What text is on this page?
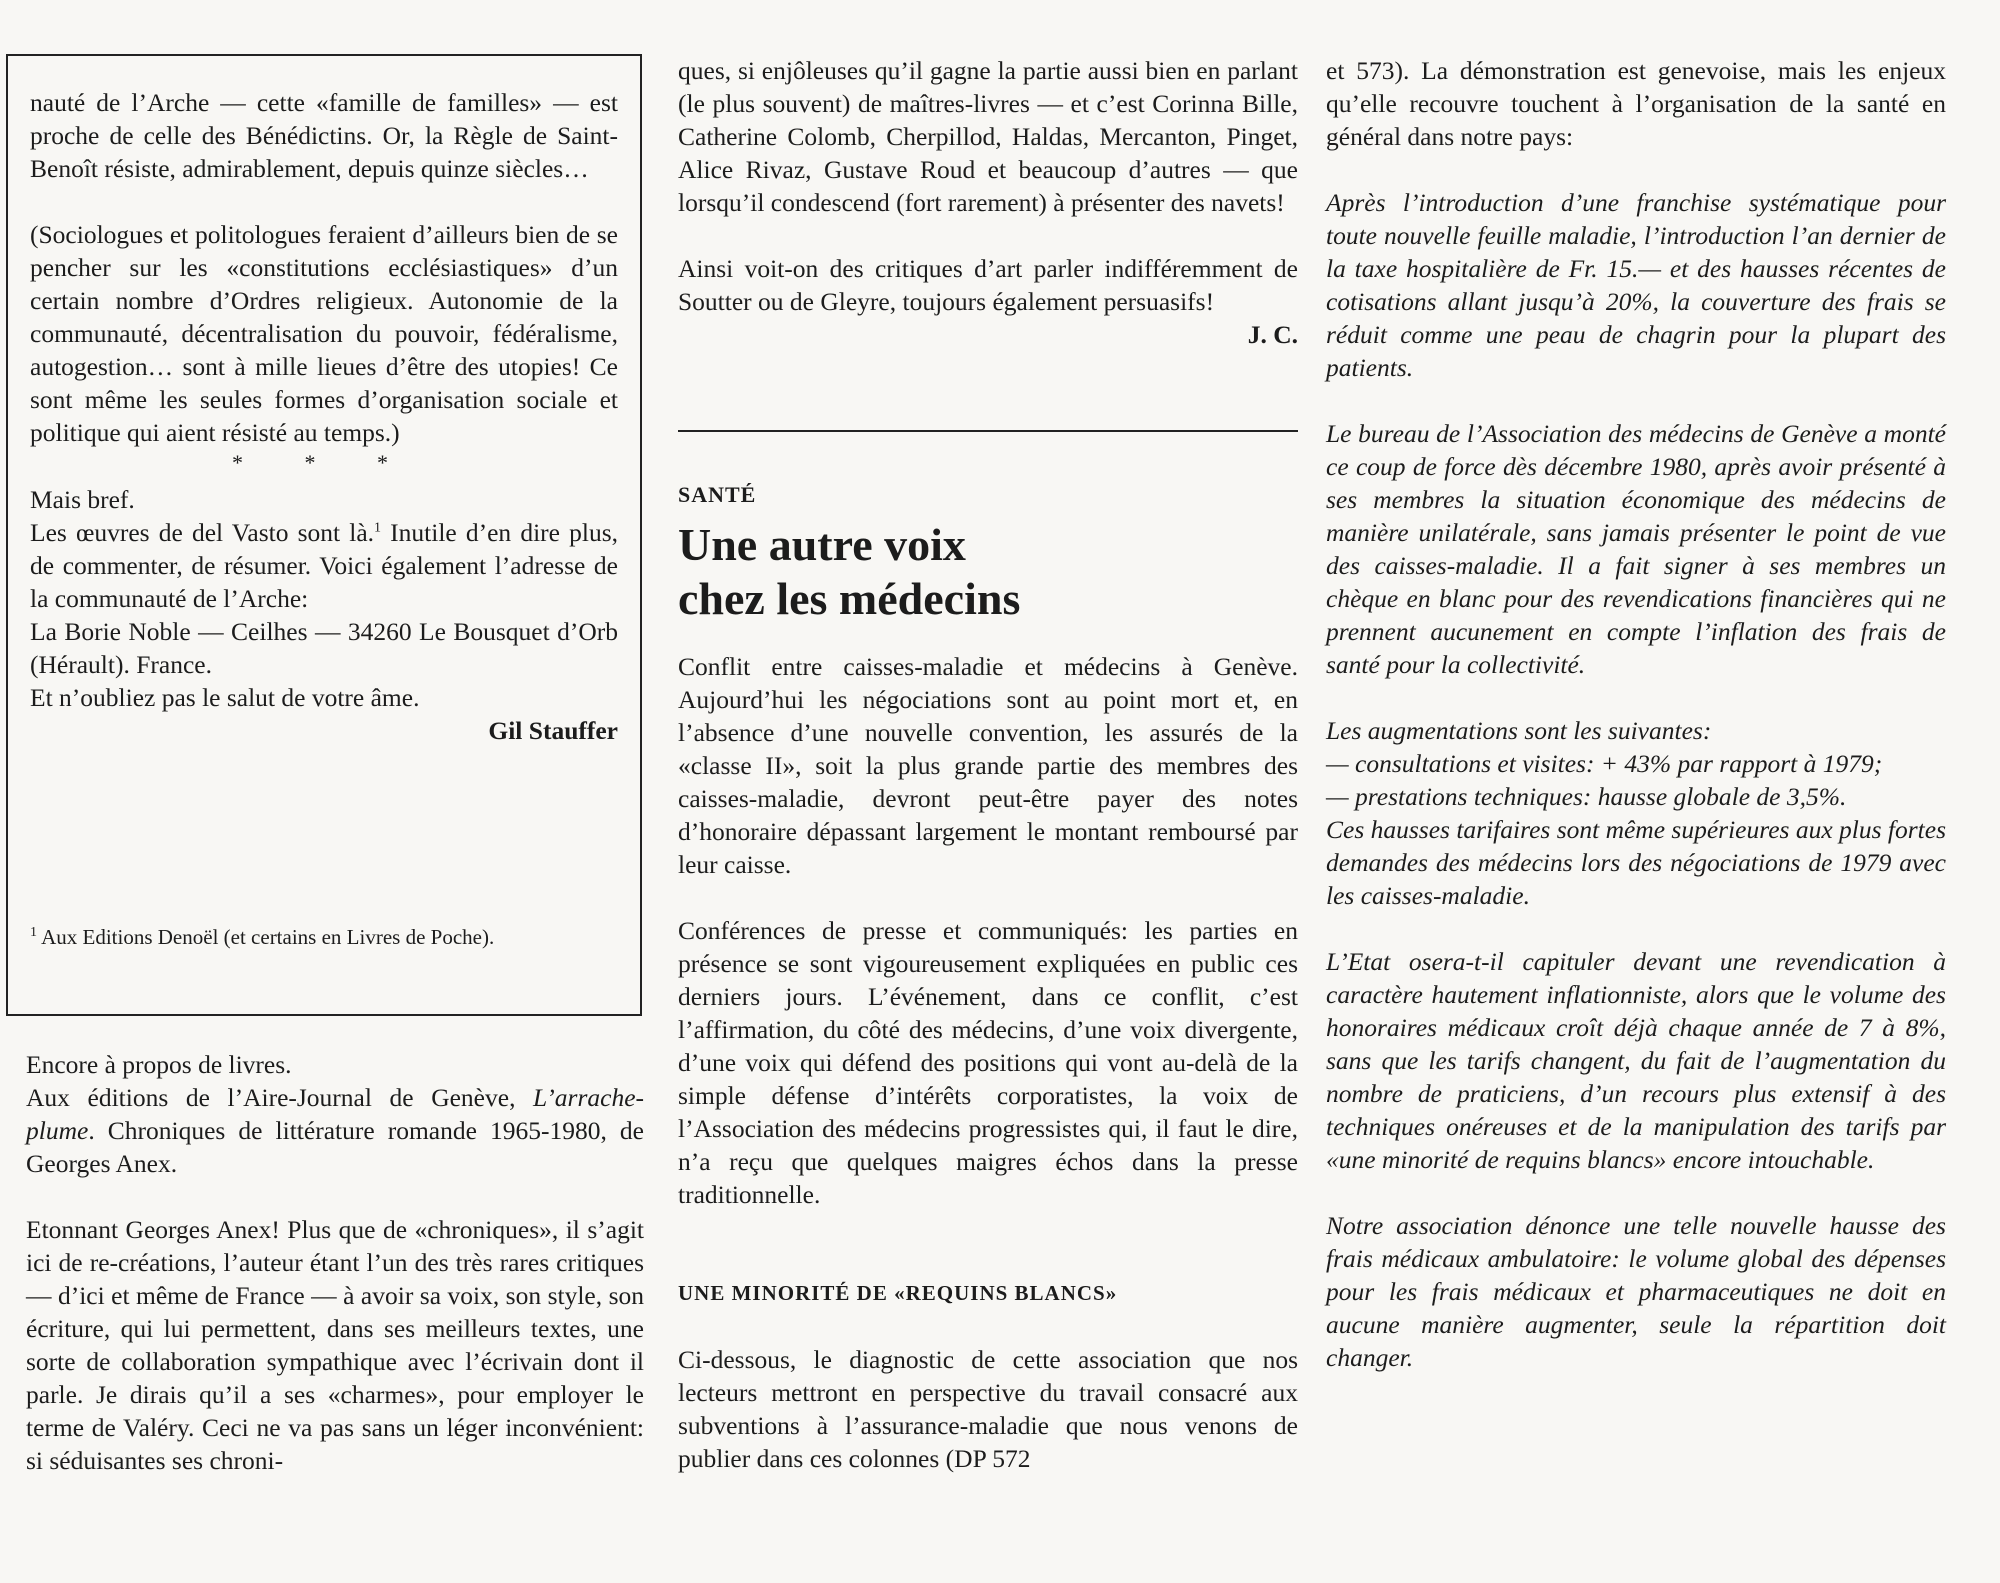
nauté de l’Arche — cette «famille de familles» — est proche de celle des Bénédictins. Or, la Règle de Saint-Benoît résiste, admirablement, depuis quinze siècles…

(Sociologues et politologues feraient d’ailleurs bien de se pencher sur les «constitutions ecclésiastiques» d’un certain nombre d’Ordres religieux. Autonomie de la communauté, décentralisation du pouvoir, fédéralisme, autogestion… sont à mille lieues d’être des utopies! Ce sont même les seules formes d’organisation sociale et politique qui aient résisté au temps.)

* * *

Mais bref.

Les œuvres de del Vasto sont là.$^1$ Inutile d’en dire plus, de commenter, de résumer. Voici également l’adresse de la communauté de l’Arche:

La Borie Noble — Ceilhes — 34260 Le Bousquet d’Orb (Hérault). France.

Et n’oubliez pas le salut de votre âme.

Gil Stauffer

$^1$ Aux Editions Denoël (et certains en Livres de Poche).

Encore à propos de livres.

Aux éditions de l’Aire-Journal de Genève, L’arrache-plume. Chroniques de littérature romande 1965-1980, de Georges Anex.

Etonnant Georges Anex! Plus que de «chroniques», il s’agit ici de re-créations, l’auteur étant l’un des très rares critiques — d’ici et même de France — à avoir sa voix, son style, son écriture, qui lui permettent, dans ses meilleurs textes, une sorte de collaboration sympathique avec l’écrivain dont il parle. Je dirais qu’il a ses «charmes», pour employer le terme de Valéry. Ceci ne va pas sans un léger inconvénient: si séduisantes ses chroni-

ques, si enjôleuses qu’il gagne la partie aussi bien en parlant (le plus souvent) de maîtres-livres — et c’est Corinna Bille, Catherine Colomb, Cherpillod, Haldas, Mercanton, Pinget, Alice Rivaz, Gustave Roud et beaucoup d’autres — que lorsqu’il condescend (fort rarement) à présenter des navets!

Ainsi voit-on des critiques d’art parler indifféremment de Soutter ou de Gleyre, toujours également persuasifs!

J. C.

SANTÉ
Une autre voix
chez les médecins

Conflit entre caisses-maladie et médecins à Genève. Aujourd’hui les négociations sont au point mort et, en l’absence d’une nouvelle convention, les assurés de la «classe II», soit la plus grande partie des membres des caisses-maladie, devront peut-être payer des notes d’honoraire dépassant largement le montant remboursé par leur caisse.

Conférences de presse et communiqués: les parties en présence se sont vigoureusement expliquées en public ces derniers jours. L’événement, dans ce conflit, c’est l’affirmation, du côté des médecins, d’une voix divergente, d’une voix qui défend des positions qui vont au-delà de la simple défense d’intérêts corporatistes, la voix de l’Association des médecins progressistes qui, il faut le dire, n’a reçu que quelques maigres échos dans la presse traditionnelle.

UNE MINORITÉ DE «REQUINS BLANCS»

Ci-dessous, le diagnostic de cette association que nos lecteurs mettront en perspective du travail consacré aux subventions à l’assurance-maladie que nous venons de publier dans ces colonnes (DP 572

et 573). La démonstration est genevoise, mais les enjeux qu’elle recouvre touchent à l’organisation de la santé en général dans notre pays:

Après l’introduction d’une franchise systématique pour toute nouvelle feuille maladie, l’introduction l’an dernier de la taxe hospitalière de Fr. 15.— et des hausses récentes de cotisations allant jusqu’à 20%, la couverture des frais se réduit comme une peau de chagrin pour la plupart des patients.

Le bureau de l’Association des médecins de Genève a monté ce coup de force dès décembre 1980, après avoir présenté à ses membres la situation économique des médecins de manière unilatérale, sans jamais présenter le point de vue des caisses-maladie. Il a fait signer à ses membres un chèque en blanc pour des revendications financières qui ne prennent aucunement en compte l’inflation des frais de santé pour la collectivité.

Les augmentations sont les suivantes:

— consultations et visites: + 43% par rapport à 1979;

— prestations techniques: hausse globale de 3,5%.

Ces hausses tarifaires sont même supérieures aux plus fortes demandes des médecins lors des négociations de 1979 avec les caisses-maladie.

L’Etat osera-t-il capituler devant une revendication à caractère hautement inflationniste, alors que le volume des honoraires médicaux croît déjà chaque année de 7 à 8%, sans que les tarifs changent, du fait de l’augmentation du nombre de praticiens, d’un recours plus extensif à des techniques onéreuses et de la manipulation des tarifs par «une minorité de requins blancs» encore intouchable.

Notre association dénonce une telle nouvelle hausse des frais médicaux ambulatoire: le volume global des dépenses pour les frais médicaux et pharmaceutiques ne doit en aucune manière augmenter, seule la répartition doit changer.
